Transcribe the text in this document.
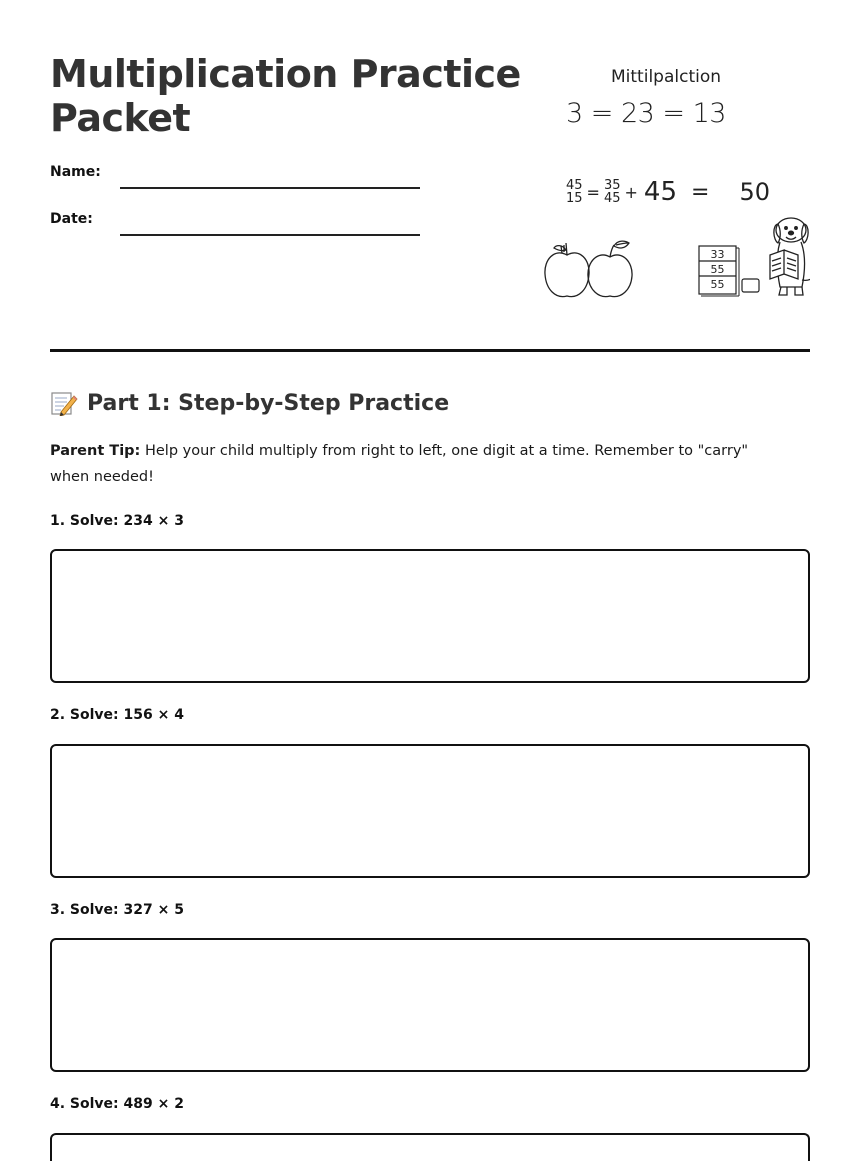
Multiplication Practice Packet
Name:
Date:
Mittilpalction
3 = 23 = 13
45
15 = 35
45 + 45 = 50
33
55
55
Part 1: Step-by-Step Practice

Parent Tip: Help your child multiply from right to left, one digit at a time. Remember to "carry" when needed!

1. Solve: 234 × 3
2. Solve: 156 × 4
3. Solve: 327 × 5
4. Solve: 489 × 2
